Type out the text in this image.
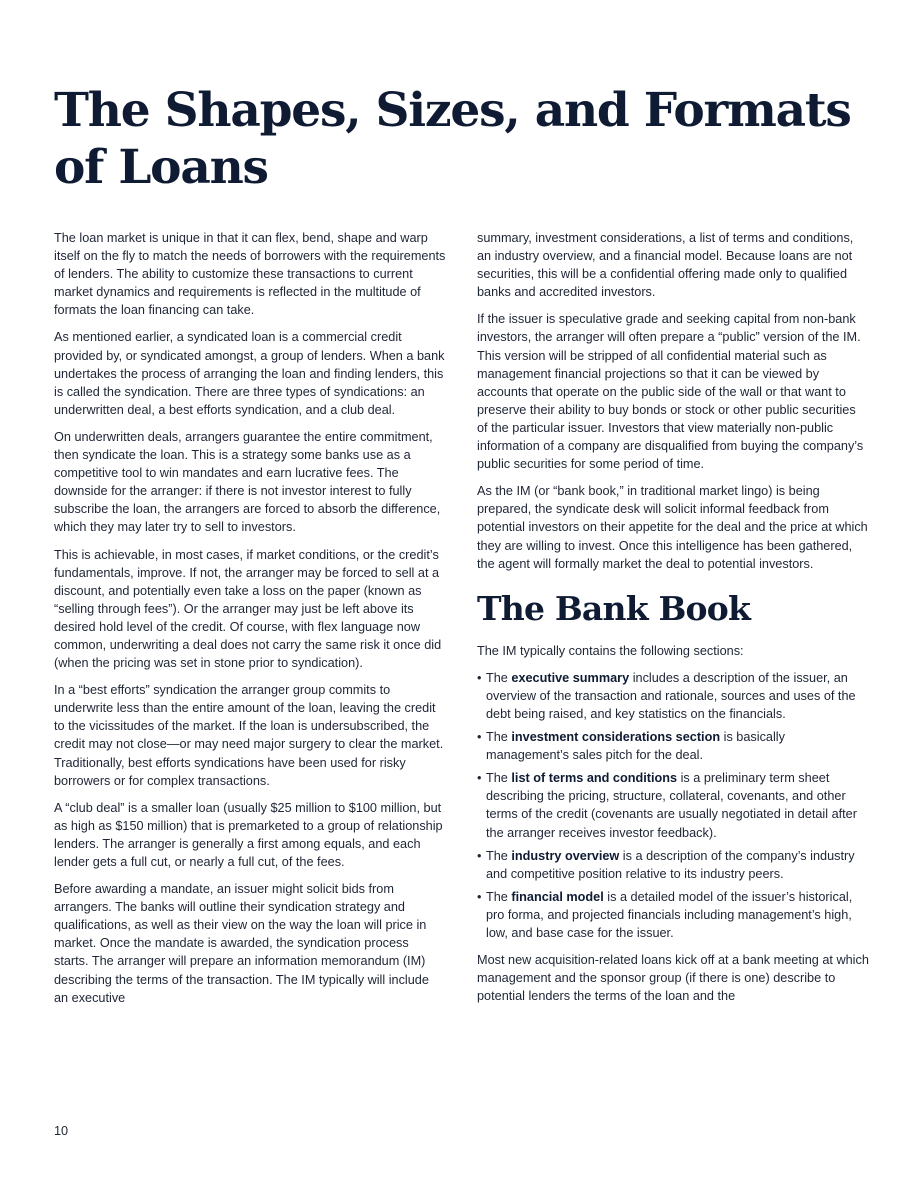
The Shapes, Sizes, and Formats of Loans

The loan market is unique in that it can flex, bend, shape and warp itself on the fly to match the needs of borrowers with the requirements of lenders. The ability to customize these transactions to current market dynamics and requirements is reflected in the multitude of formats the loan financing can take.

As mentioned earlier, a syndicated loan is a commercial credit provided by, or syndicated amongst, a group of lenders. When a bank undertakes the process of arranging the loan and finding lenders, this is called the syndication. There are three types of syndications: an underwritten deal, a best efforts syndication, and a club deal.

On underwritten deals, arrangers guarantee the entire commitment, then syndicate the loan. This is a strategy some banks use as a competitive tool to win mandates and earn lucrative fees. The downside for the arranger: if there is not investor interest to fully subscribe the loan, the arrangers are forced to absorb the difference, which they may later try to sell to investors.

This is achievable, in most cases, if market conditions, or the credit’s fundamentals, improve. If not, the arranger may be forced to sell at a discount, and potentially even take a loss on the paper (known as “selling through fees”). Or the arranger may just be left above its desired hold level of the credit. Of course, with flex language now common, underwriting a deal does not carry the same risk it once did (when the pricing was set in stone prior to syndication).

In a “best efforts” syndication the arranger group commits to underwrite less than the entire amount of the loan, leaving the credit to the vicissitudes of the market. If the loan is undersubscribed, the credit may not close—or may need major surgery to clear the market. Traditionally, best efforts syndications have been used for risky borrowers or for complex transactions.

A “club deal” is a smaller loan (usually $25 million to $100 million, but as high as $150 million) that is premarketed to a group of relationship lenders. The arranger is generally a first among equals, and each lender gets a full cut, or nearly a full cut, of the fees.

Before awarding a mandate, an issuer might solicit bids from arrangers. The banks will outline their syndication strategy and qualifications, as well as their view on the way the loan will price in market. Once the mandate is awarded, the syndication process starts. The arranger will prepare an information memorandum (IM) describing the terms of the transaction. The IM typically will include an executive

summary, investment considerations, a list of terms and conditions, an industry overview, and a financial model. Because loans are not securities, this will be a confidential offering made only to qualified banks and accredited investors.

If the issuer is speculative grade and seeking capital from non-bank investors, the arranger will often prepare a “public” version of the IM. This version will be stripped of all confidential material such as management financial projections so that it can be viewed by accounts that operate on the public side of the wall or that want to preserve their ability to buy bonds or stock or other public securities of the particular issuer. Investors that view materially non-public information of a company are disqualified from buying the company’s public securities for some period of time.

As the IM (or “bank book,” in traditional market lingo) is being prepared, the syndicate desk will solicit informal feedback from potential investors on their appetite for the deal and the price at which they are willing to invest. Once this intelligence has been gathered, the agent will formally market the deal to potential investors.

The Bank Book

The IM typically contains the following sections:

• The executive summary includes a description of the issuer, an overview of the transaction and rationale, sources and uses of the debt being raised, and key statistics on the financials.
• The investment considerations section is basically management’s sales pitch for the deal.
• The list of terms and conditions is a preliminary term sheet describing the pricing, structure, collateral, covenants, and other terms of the credit (covenants are usually negotiated in detail after the arranger receives investor feedback).
• The industry overview is a description of the company’s industry and competitive position relative to its industry peers.
• The financial model is a detailed model of the issuer’s historical, pro forma, and projected financials including management’s high, low, and base case for the issuer.

Most new acquisition-related loans kick off at a bank meeting at which management and the sponsor group (if there is one) describe to potential lenders the terms of the loan and the

10
